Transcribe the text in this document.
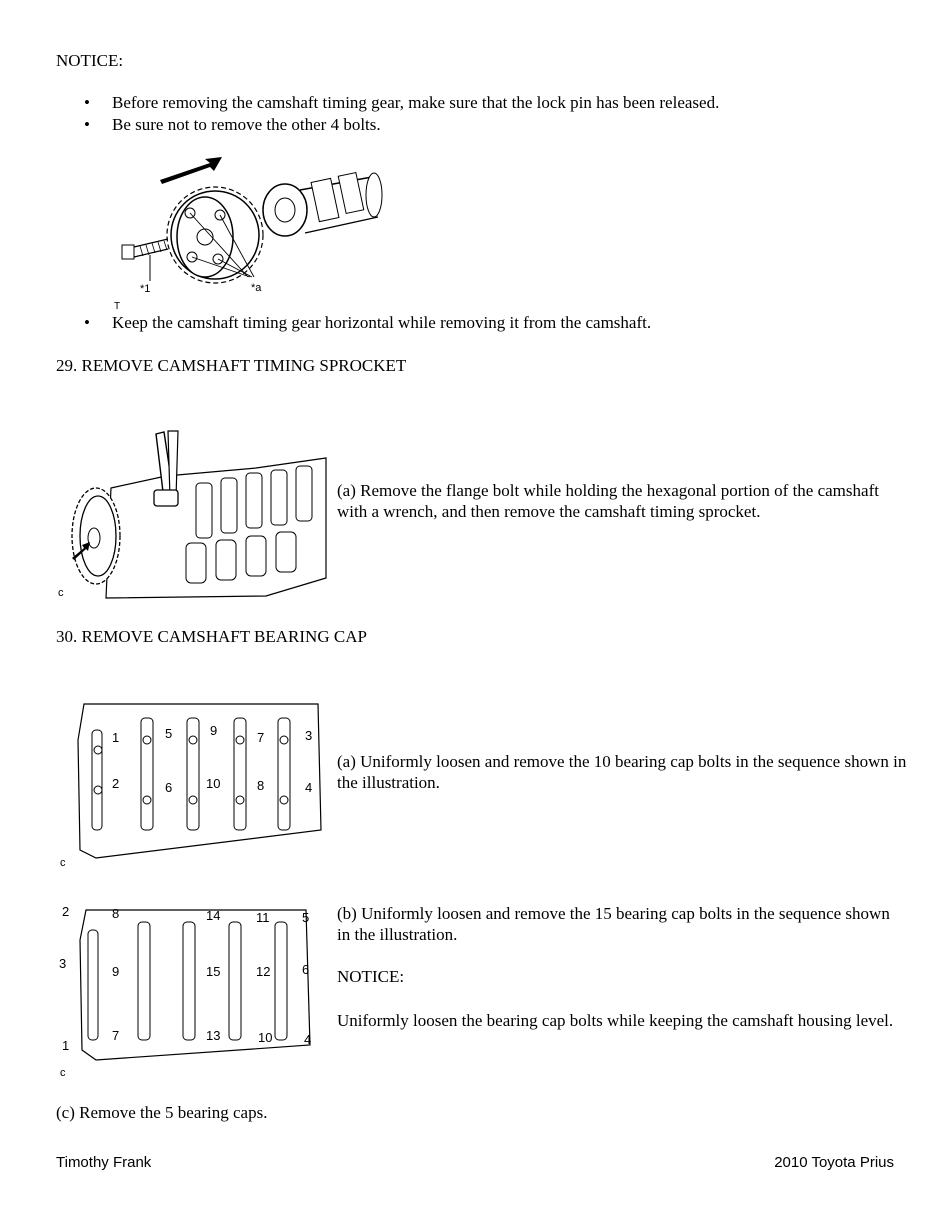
NOTICE:
• Before removing the camshaft timing gear, make sure that the lock pin has been released.
• Be sure not to remove the other 4 bolts.
*1	*a
T
• Keep the camshaft timing gear horizontal while removing it from the camshaft.
29. REMOVE CAMSHAFT TIMING SPROCKET
c
(a) Remove the flange bolt while holding the hexagonal portion of the camshaft with a wrench, and then remove the camshaft timing sprocket.
30. REMOVE CAMSHAFT BEARING CAP
1
2
3
4
5
6
7
8
9
10
c
(a) Uniformly loosen and remove the 10 bearing cap bolts in the sequence shown in the illustration.
1
2
3
4
5
6
7
8
9
10
11
12
13
14
15
c
(b) Uniformly loosen and remove the 15 bearing cap bolts in the sequence shown in the illustration.
NOTICE:
Uniformly loosen the bearing cap bolts while keeping the camshaft housing level.
(c) Remove the 5 bearing caps.
Timothy Frank	2010 Toyota Prius
